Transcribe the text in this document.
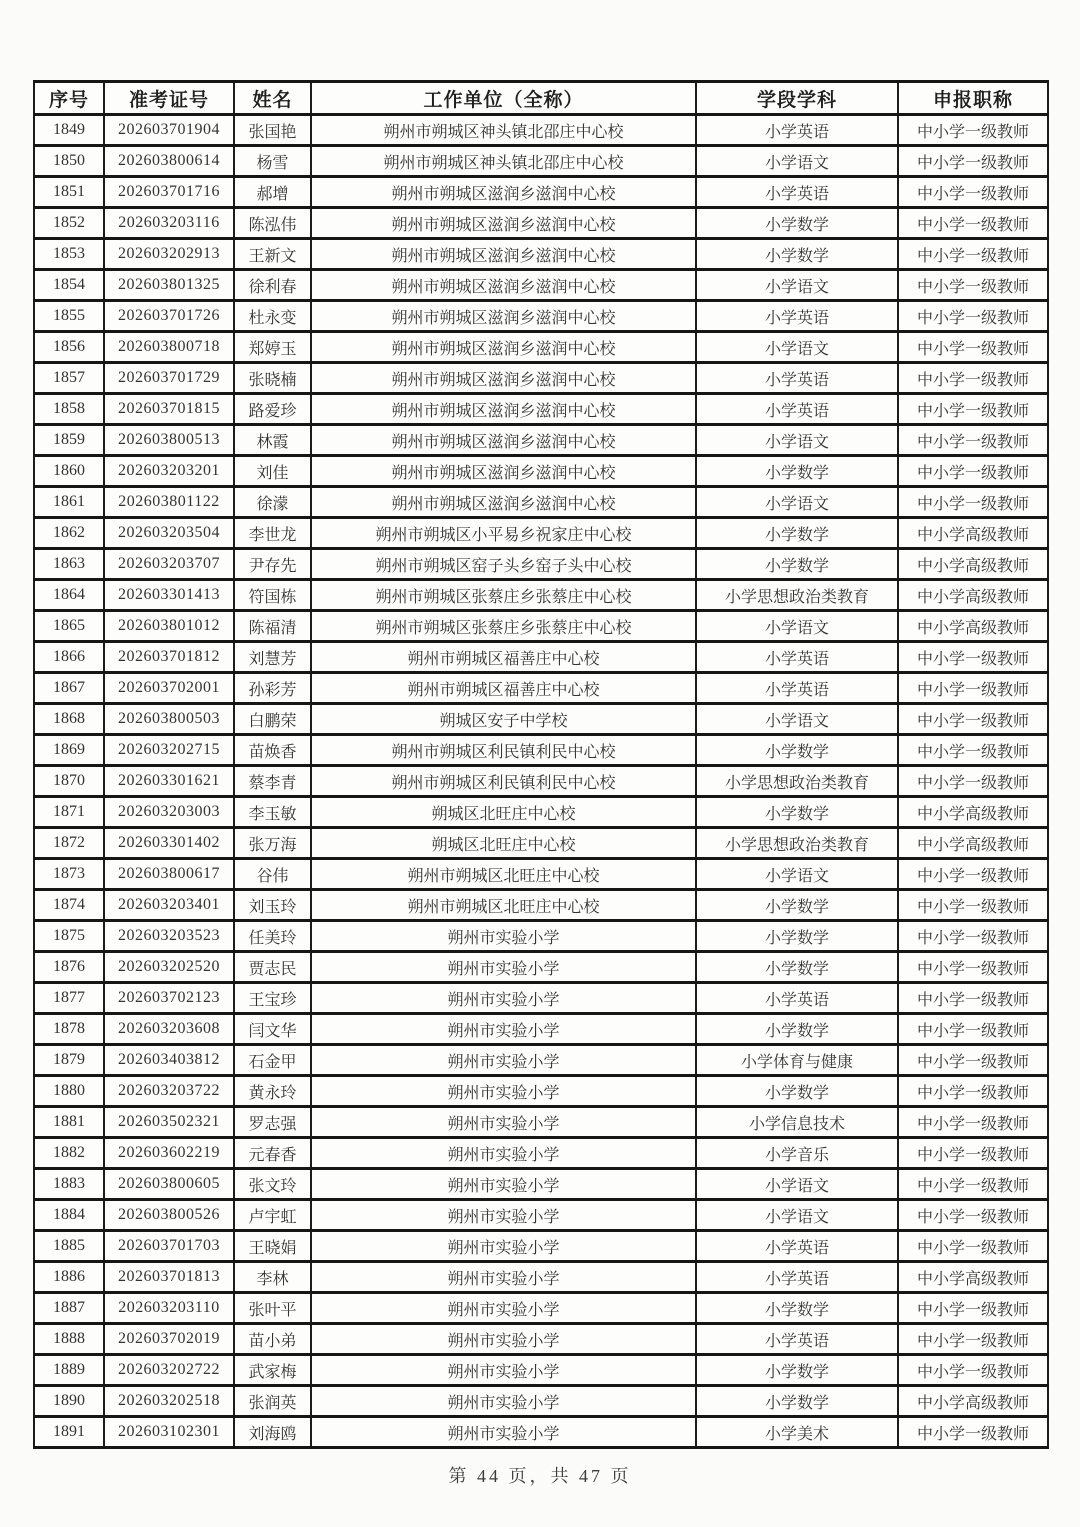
序号	准考证号	姓名	工作单位（全称）	学段学科	申报职称
1849	202603701904	张国艳	朔州市朔城区神头镇北邵庄中心校	小学英语	中小学一级教师
1850	202603800614	杨雪	朔州市朔城区神头镇北邵庄中心校	小学语文	中小学一级教师
1851	202603701716	郝增	朔州市朔城区滋润乡滋润中心校	小学英语	中小学一级教师
1852	202603203116	陈泓伟	朔州市朔城区滋润乡滋润中心校	小学数学	中小学一级教师
1853	202603202913	王新文	朔州市朔城区滋润乡滋润中心校	小学数学	中小学一级教师
1854	202603801325	徐利春	朔州市朔城区滋润乡滋润中心校	小学语文	中小学一级教师
1855	202603701726	杜永变	朔州市朔城区滋润乡滋润中心校	小学英语	中小学一级教师
1856	202603800718	郑婷玉	朔州市朔城区滋润乡滋润中心校	小学语文	中小学一级教师
1857	202603701729	张晓楠	朔州市朔城区滋润乡滋润中心校	小学英语	中小学一级教师
1858	202603701815	路爱珍	朔州市朔城区滋润乡滋润中心校	小学英语	中小学一级教师
1859	202603800513	林霞	朔州市朔城区滋润乡滋润中心校	小学语文	中小学一级教师
1860	202603203201	刘佳	朔州市朔城区滋润乡滋润中心校	小学数学	中小学一级教师
1861	202603801122	徐濛	朔州市朔城区滋润乡滋润中心校	小学语文	中小学一级教师
1862	202603203504	李世龙	朔州市朔城区小平易乡祝家庄中心校	小学数学	中小学高级教师
1863	202603203707	尹存先	朔州市朔城区窑子头乡窑子头中心校	小学数学	中小学高级教师
1864	202603301413	符国栋	朔州市朔城区张蔡庄乡张蔡庄中心校	小学思想政治类教育	中小学高级教师
1865	202603801012	陈福清	朔州市朔城区张蔡庄乡张蔡庄中心校	小学语文	中小学高级教师
1866	202603701812	刘慧芳	朔州市朔城区福善庄中心校	小学英语	中小学一级教师
1867	202603702001	孙彩芳	朔州市朔城区福善庄中心校	小学英语	中小学一级教师
1868	202603800503	白鹏荣	朔城区安子中学校	小学语文	中小学一级教师
1869	202603202715	苗焕香	朔州市朔城区利民镇利民中心校	小学数学	中小学一级教师
1870	202603301621	蔡李青	朔州市朔城区利民镇利民中心校	小学思想政治类教育	中小学一级教师
1871	202603203003	李玉敏	朔城区北旺庄中心校	小学数学	中小学高级教师
1872	202603301402	张万海	朔城区北旺庄中心校	小学思想政治类教育	中小学高级教师
1873	202603800617	谷伟	朔州市朔城区北旺庄中心校	小学语文	中小学一级教师
1874	202603203401	刘玉玲	朔州市朔城区北旺庄中心校	小学数学	中小学一级教师
1875	202603203523	任美玲	朔州市实验小学	小学数学	中小学一级教师
1876	202603202520	贾志民	朔州市实验小学	小学数学	中小学一级教师
1877	202603702123	王宝珍	朔州市实验小学	小学英语	中小学一级教师
1878	202603203608	闫文华	朔州市实验小学	小学数学	中小学一级教师
1879	202603403812	石金甲	朔州市实验小学	小学体育与健康	中小学一级教师
1880	202603203722	黄永玲	朔州市实验小学	小学数学	中小学一级教师
1881	202603502321	罗志强	朔州市实验小学	小学信息技术	中小学一级教师
1882	202603602219	元春香	朔州市实验小学	小学音乐	中小学一级教师
1883	202603800605	张文玲	朔州市实验小学	小学语文	中小学一级教师
1884	202603800526	卢宇虹	朔州市实验小学	小学语文	中小学一级教师
1885	202603701703	王晓娟	朔州市实验小学	小学英语	中小学一级教师
1886	202603701813	李林	朔州市实验小学	小学英语	中小学高级教师
1887	202603203110	张叶平	朔州市实验小学	小学数学	中小学一级教师
1888	202603702019	苗小弟	朔州市实验小学	小学英语	中小学一级教师
1889	202603202722	武家梅	朔州市实验小学	小学数学	中小学一级教师
1890	202603202518	张润英	朔州市实验小学	小学数学	中小学高级教师
1891	202603102301	刘海鸥	朔州市实验小学	小学美术	中小学一级教师
第 44 页，共 47 页
